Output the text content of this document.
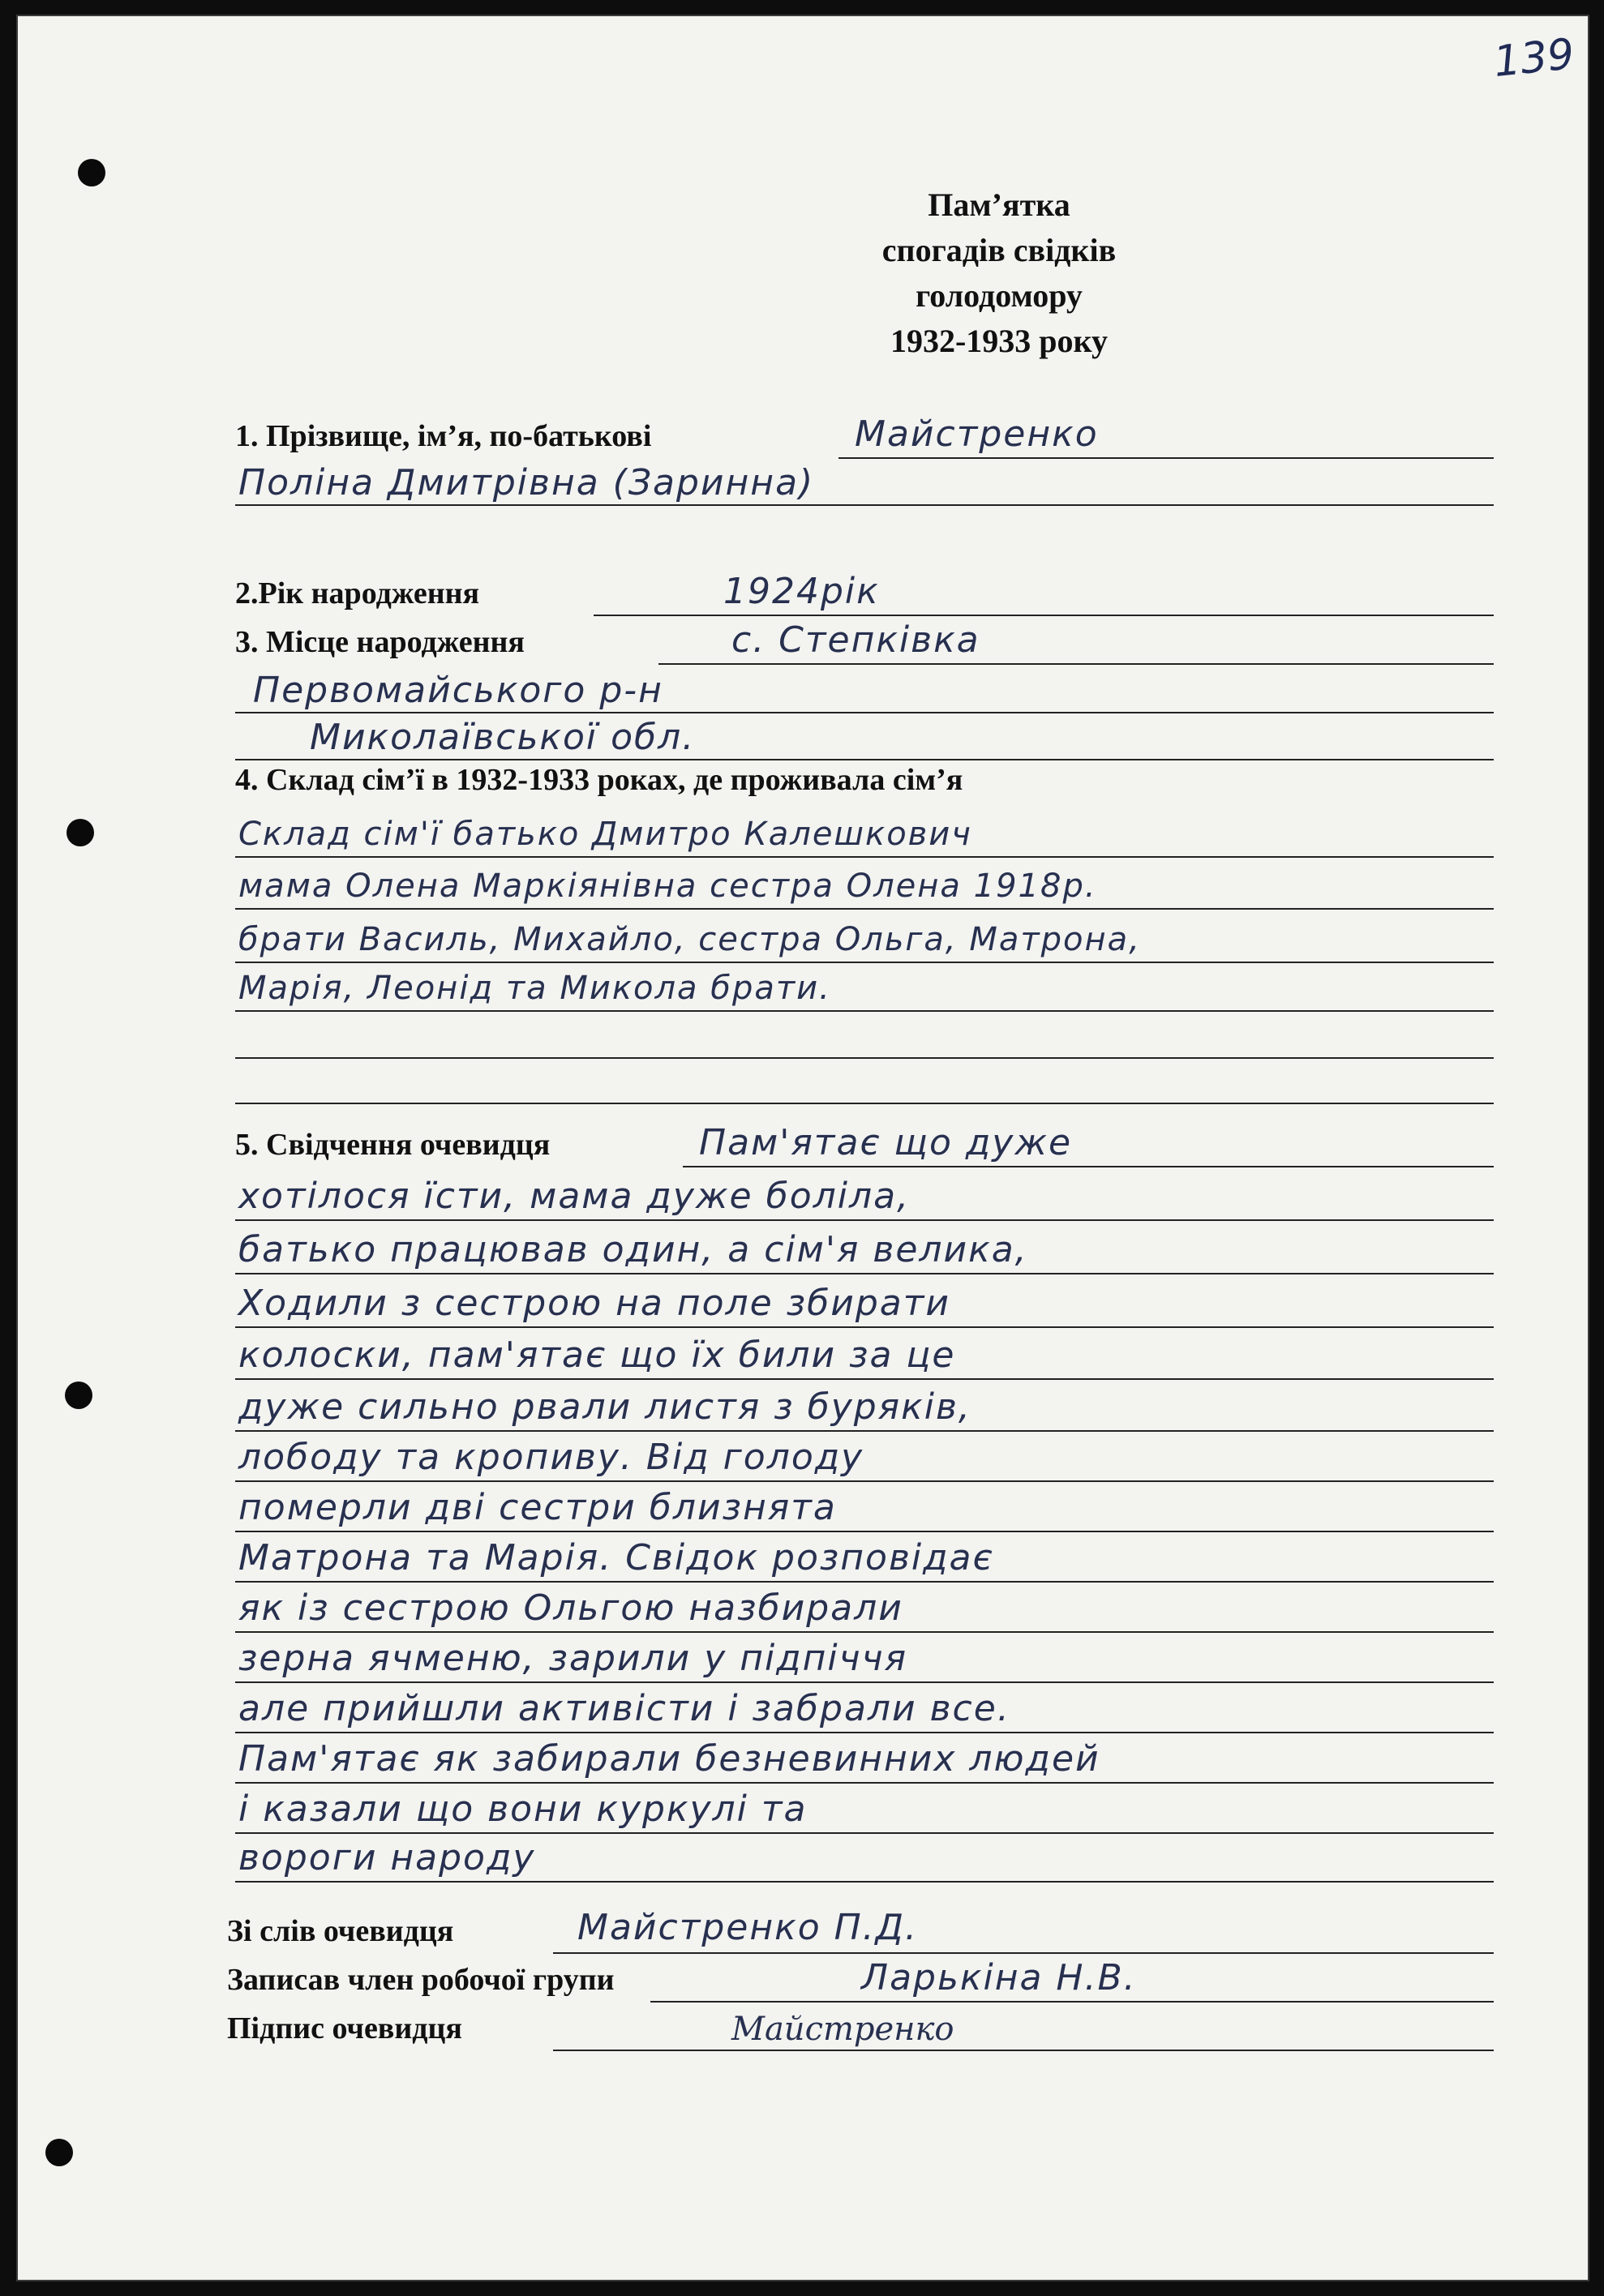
139
Пам’ятка
спогадів свідків
голодомору
1932-1933 року
1. Прізвище, ім’я, по-батькові	Майстренко
Поліна Дмитрівна (Заринна)
2.Рік народження	1924рік
3. Місце народження	с. Степківка
Первомайського р-н
Миколаївської обл.
4. Склад сім’ї в 1932-1933 роках, де проживала сім’я
Склад сім'ї батько Дмитро Калешкович
мама Олена Маркіянівна сестра Олена 1918р.
брати Василь, Михайло, сестра Ольга, Матрона,
Марія, Леонід та Микола брати.
5. Свідчення очевидця	Пам'ятає що дуже
хотілося їсти, мама дуже боліла,
батько працював один, а сім'я велика,
Ходили з сестрою на поле збирати
колоски, пам'ятає що їх били за це
дуже сильно рвали листя з буряків,
лободу та кропиву. Від голоду
померли дві сестри близнята
Матрона та Марія. Свідок розповідає
як із сестрою Ольгою назбирали
зерна ячменю, зарили у підпіччя
але прийшли активісти і забрали все.
Пам'ятає як забирали безневинних людей
і казали що вони куркулі та
вороги народу
Зі слів очевидця	Майстренко П.Д.
Записав член робочої групи	Ларькіна Н.В.
Підпис очевидця	Майстренко
